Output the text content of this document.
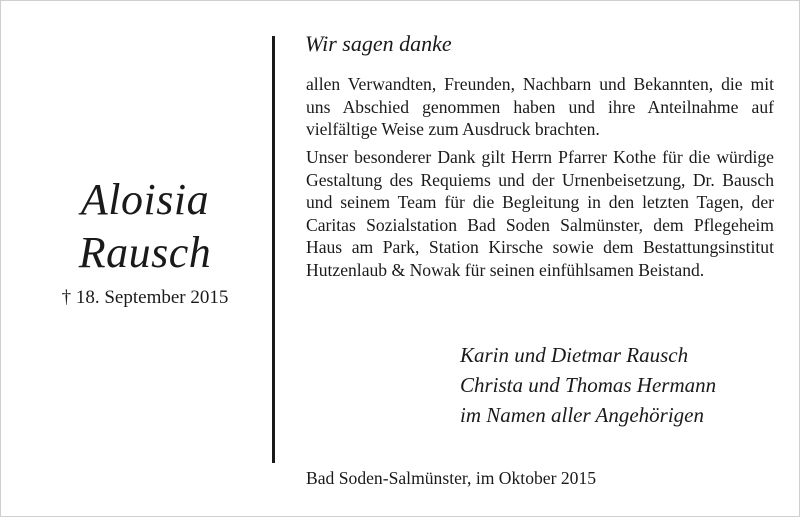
Aloisia
Rausch
† 18. September 2015
Wir sagen danke

allen Verwandten, Freunden, Nachbarn und Bekannten, die mit uns Abschied genommen haben und ihre Anteilnahme auf vielfältige Weise zum Ausdruck brachten.

Unser besonderer Dank gilt Herrn Pfarrer Kothe für die würdige Gestaltung des Requiems und der Urnenbeisetzung, Dr. Bausch und seinem Team für die Begleitung in den letzten Tagen, der Caritas Sozialstation Bad Soden Salmünster, dem Pflegeheim Haus am Park, Station Kirsche sowie dem Bestattungsinstitut Hutzenlaub & Nowak für seinen einfühlsamen Beistand.

Karin und Dietmar Rausch
Christa und Thomas Hermann
im Namen aller Angehörigen
Bad Soden-Salmünster, im Oktober 2015
